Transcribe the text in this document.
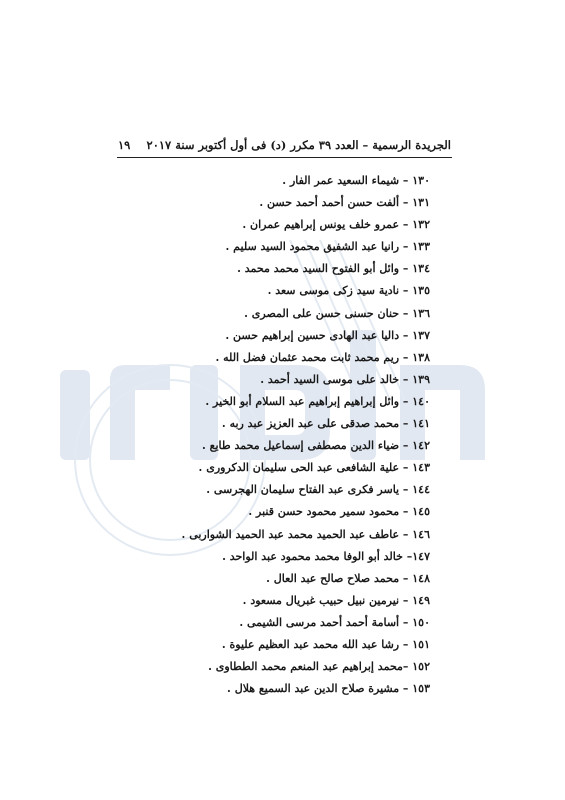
الجريدة الرسمية – العدد ٣٩ مكرر (د) فى أول أكتوبر سنة ٢٠١٧
١٩
١٣٠ – شيماء السعيد عمر الفار .
١٣١ – ألفت حسن أحمد أحمد حسن .
١٣٢ – عمرو خلف يونس إبراهيم عمران .
١٣٣ – رانيا عبد الشفيق محمود السيد سليم .
١٣٤ – وائل أبو الفتوح السيد محمد محمد .
١٣٥ – نادية سيد زكى موسى سعد .
١٣٦ – حنان حسنى حسن على المصرى .
١٣٧ – داليا عبد الهادى حسين إبراهيم حسن .
١٣٨ – ريم محمد ثابت محمد عثمان فضل الله .
١٣٩ – خالد على موسى السيد أحمد .
١٤٠ – وائل إبراهيم إبراهيم عبد السلام أبو الخير .
١٤١ – محمد صدقى على عبد العزيز عبد ربه .
١٤٢ – ضياء الدين مصطفى إسماعيل محمد طايع .
١٤٣ – علية الشافعى عبد الحى سليمان الدكرورى .
١٤٤ – ياسر فكرى عبد الفتاح سليمان الهجرسى .
١٤٥ – محمود سمير محمود حسن قنبر .
١٤٦ – عاطف عبد الحميد محمد عبد الحميد الشواربى .
١٤٧– خالد أبو الوفا محمد محمود عبد الواحد .
١٤٨ – محمد صلاح صالح عبد العال .
١٤٩ – نيرمين نبيل حبيب غبريال مسعود .
١٥٠ – أسامة أحمد أحمد مرسى الشيمى .
١٥١ – رشا عبد الله محمد عبد العظيم عليوة .
١٥٢ –محمد إبراهيم عبد المنعم محمد الططاوى .
١٥٣ – مشيرة صلاح الدين عبد السميع هلال .
